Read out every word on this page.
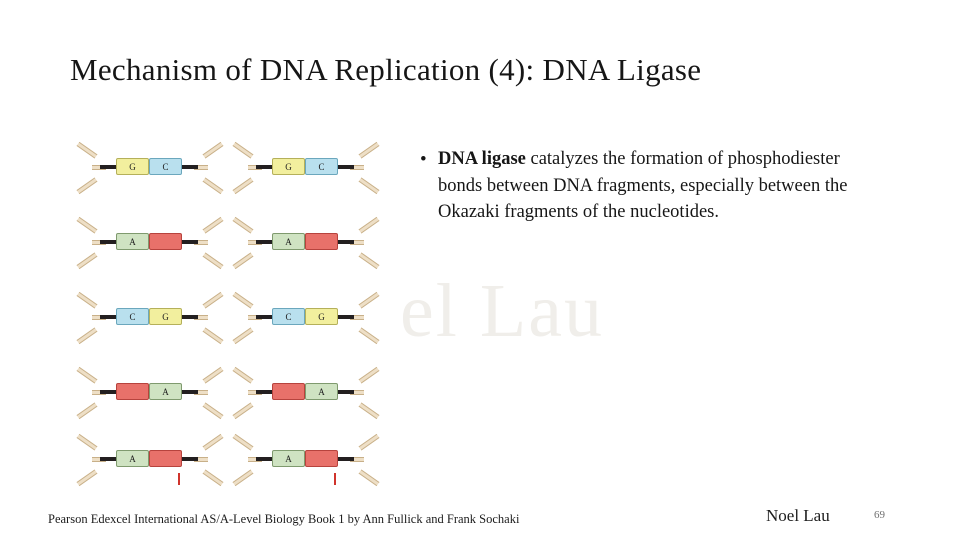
el Lau
Mechanism of DNA Replication (4): DNA Ligase
• DNA ligase catalyzes the formation of phosphodiester bonds between DNA fragments, especially between the Okazaki fragments of the nucleotides.
G	C
A
C	G
A
A
G	C
A
C	G
A
A
Pearson Edexcel International AS/A-Level Biology Book 1 by Ann Fullick and Frank Sochaki	Noel Lau	69
